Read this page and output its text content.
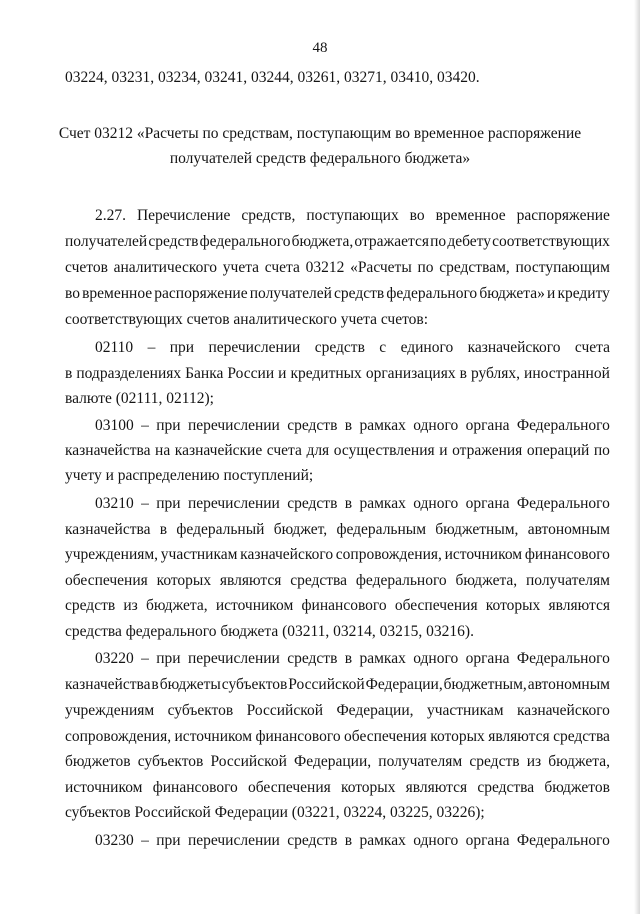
48
03224, 03231, 03234, 03241, 03244, 03261, 03271, 03410, 03420.
Счет 03212 «Расчеты по средствам, поступающим во временное распоряжение
получателей средств федерального бюджета»
2.27. Перечисление средств, поступающих во временное распоряжение
получателей средств федерального бюджета, отражается по дебету соответствующих
счетов аналитического учета счета 03212 «Расчеты по средствам, поступающим
во временное распоряжение получателей средств федерального бюджета» и кредиту
соответствующих счетов аналитического учета счетов:
02110 – при перечислении средств с единого казначейского счета
в подразделениях Банка России и кредитных организациях в рублях, иностранной
валюте (02111, 02112);
03100 – при перечислении средств в рамках одного органа Федерального
казначейства на казначейские счета для осуществления и отражения операций по
учету и распределению поступлений;
03210 – при перечислении средств в рамках одного органа Федерального
казначейства в федеральный бюджет, федеральным бюджетным, автономным
учреждениям, участникам казначейского сопровождения, источником финансового
обеспечения которых являются средства федерального бюджета, получателям
средств из бюджета, источником финансового обеспечения которых являются
средства федерального бюджета (03211, 03214, 03215, 03216).
03220 – при перечислении средств в рамках одного органа Федерального
казначейства в бюджеты субъектов Российской Федерации, бюджетным, автономным
учреждениям субъектов Российской Федерации, участникам казначейского
сопровождения, источником финансового обеспечения которых являются средства
бюджетов субъектов Российской Федерации, получателям средств из бюджета,
источником финансового обеспечения которых являются средства бюджетов
субъектов Российской Федерации (03221, 03224, 03225, 03226);
03230 – при перечислении средств в рамках одного органа Федерального
